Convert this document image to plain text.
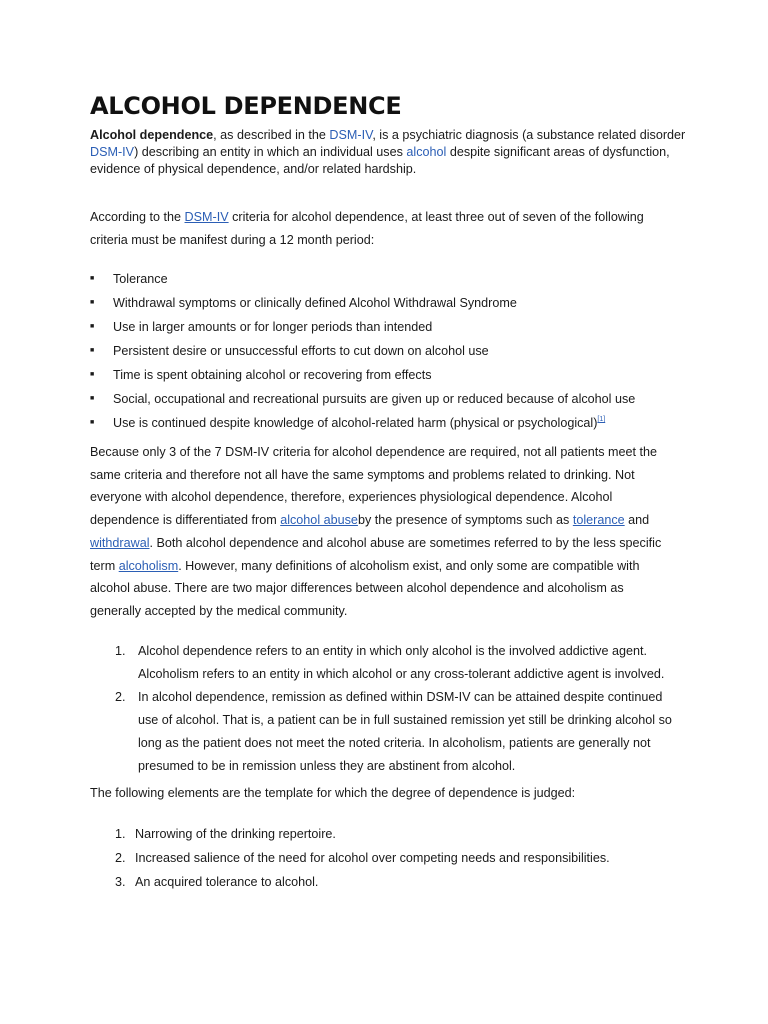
ALCOHOL DEPENDENCE

Alcohol dependence, as described in the DSM-IV, is a psychiatric diagnosis (a substance related disorder DSM-IV) describing an entity in which an individual uses alcohol despite significant areas of dysfunction, evidence of physical dependence, and/or related hardship.

According to the DSM-IV criteria for alcohol dependence, at least three out of seven of the following criteria must be manifest during a 12 month period:

■ Tolerance
■ Withdrawal symptoms or clinically defined Alcohol Withdrawal Syndrome
■ Use in larger amounts or for longer periods than intended
■ Persistent desire or unsuccessful efforts to cut down on alcohol use
■ Time is spent obtaining alcohol or recovering from effects
■ Social, occupational and recreational pursuits are given up or reduced because of alcohol use
■ Use is continued despite knowledge of alcohol-related harm (physical or psychological)[1]

Because only 3 of the 7 DSM-IV criteria for alcohol dependence are required, not all patients meet the same criteria and therefore not all have the same symptoms and problems related to drinking. Not everyone with alcohol dependence, therefore, experiences physiological dependence. Alcohol dependence is differentiated from alcohol abuseby the presence of symptoms such as tolerance and withdrawal. Both alcohol dependence and alcohol abuse are sometimes referred to by the less specific term alcoholism. However, many definitions of alcoholism exist, and only some are compatible with alcohol abuse. There are two major differences between alcohol dependence and alcoholism as generally accepted by the medical community.

1. Alcohol dependence refers to an entity in which only alcohol is the involved addictive agent. Alcoholism refers to an entity in which alcohol or any cross-tolerant addictive agent is involved.
2. In alcohol dependence, remission as defined within DSM-IV can be attained despite continued use of alcohol. That is, a patient can be in full sustained remission yet still be drinking alcohol so long as the patient does not meet the noted criteria. In alcoholism, patients are generally not presumed to be in remission unless they are abstinent from alcohol.

The following elements are the template for which the degree of dependence is judged:

1. Narrowing of the drinking repertoire.
2. Increased salience of the need for alcohol over competing needs and responsibilities.
3. An acquired tolerance to alcohol.
